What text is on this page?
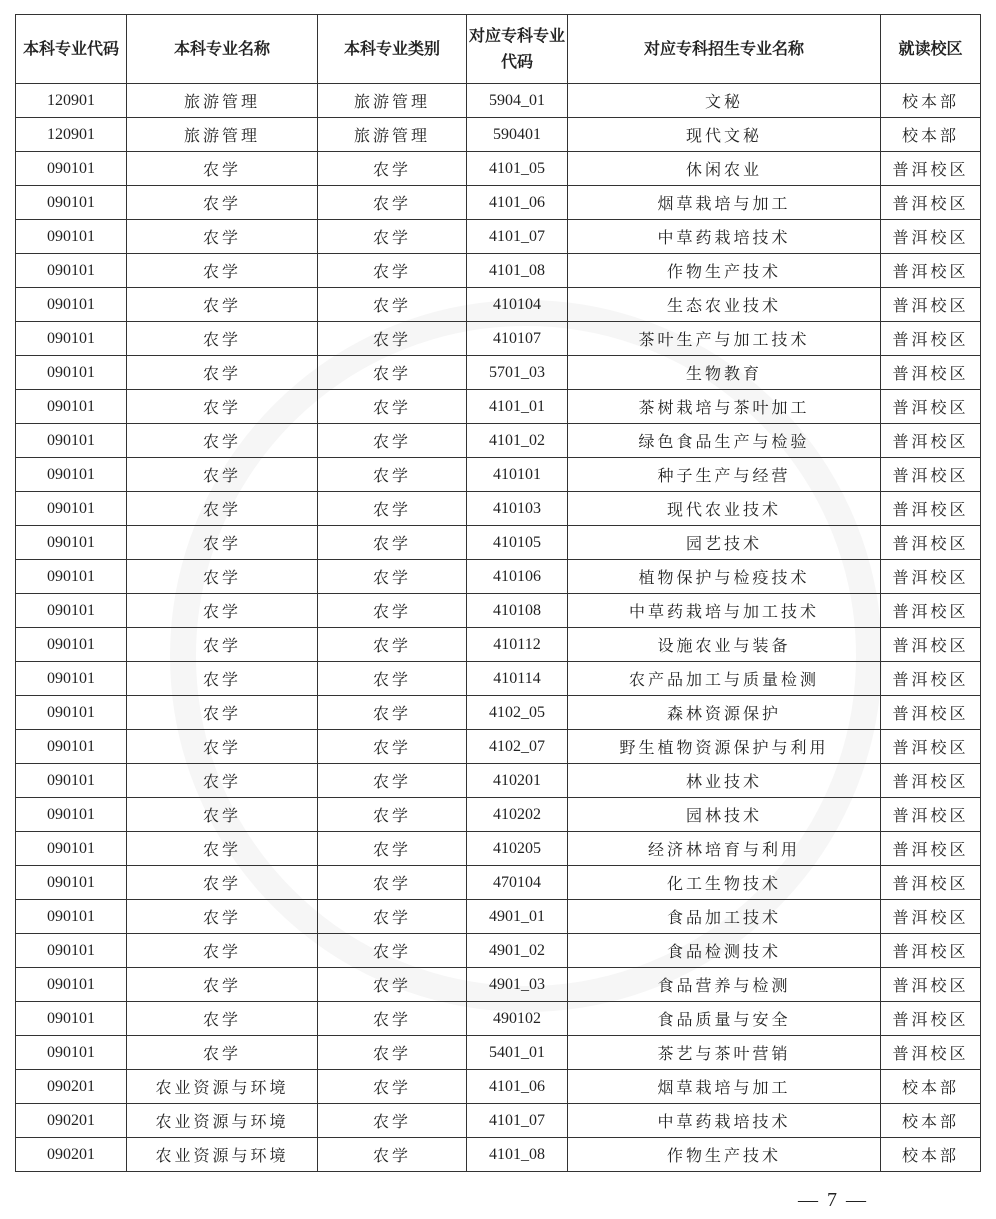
本科专业代码	本科专业名称	本科专业类别	对应专科专业代码	对应专科招生专业名称	就读校区
120901	旅游管理	旅游管理	5904_01	文秘	校本部
120901	旅游管理	旅游管理	590401	现代文秘	校本部
090101	农学	农学	4101_05	休闲农业	普洱校区
090101	农学	农学	4101_06	烟草栽培与加工	普洱校区
090101	农学	农学	4101_07	中草药栽培技术	普洱校区
090101	农学	农学	4101_08	作物生产技术	普洱校区
090101	农学	农学	410104	生态农业技术	普洱校区
090101	农学	农学	410107	茶叶生产与加工技术	普洱校区
090101	农学	农学	5701_03	生物教育	普洱校区
090101	农学	农学	4101_01	茶树栽培与茶叶加工	普洱校区
090101	农学	农学	4101_02	绿色食品生产与检验	普洱校区
090101	农学	农学	410101	种子生产与经营	普洱校区
090101	农学	农学	410103	现代农业技术	普洱校区
090101	农学	农学	410105	园艺技术	普洱校区
090101	农学	农学	410106	植物保护与检疫技术	普洱校区
090101	农学	农学	410108	中草药栽培与加工技术	普洱校区
090101	农学	农学	410112	设施农业与装备	普洱校区
090101	农学	农学	410114	农产品加工与质量检测	普洱校区
090101	农学	农学	4102_05	森林资源保护	普洱校区
090101	农学	农学	4102_07	野生植物资源保护与利用	普洱校区
090101	农学	农学	410201	林业技术	普洱校区
090101	农学	农学	410202	园林技术	普洱校区
090101	农学	农学	410205	经济林培育与利用	普洱校区
090101	农学	农学	470104	化工生物技术	普洱校区
090101	农学	农学	4901_01	食品加工技术	普洱校区
090101	农学	农学	4901_02	食品检测技术	普洱校区
090101	农学	农学	4901_03	食品营养与检测	普洱校区
090101	农学	农学	490102	食品质量与安全	普洱校区
090101	农学	农学	5401_01	茶艺与茶叶营销	普洱校区
090201	农业资源与环境	农学	4101_06	烟草栽培与加工	校本部
090201	农业资源与环境	农学	4101_07	中草药栽培技术	校本部
090201	农业资源与环境	农学	4101_08	作物生产技术	校本部
— 7 —
